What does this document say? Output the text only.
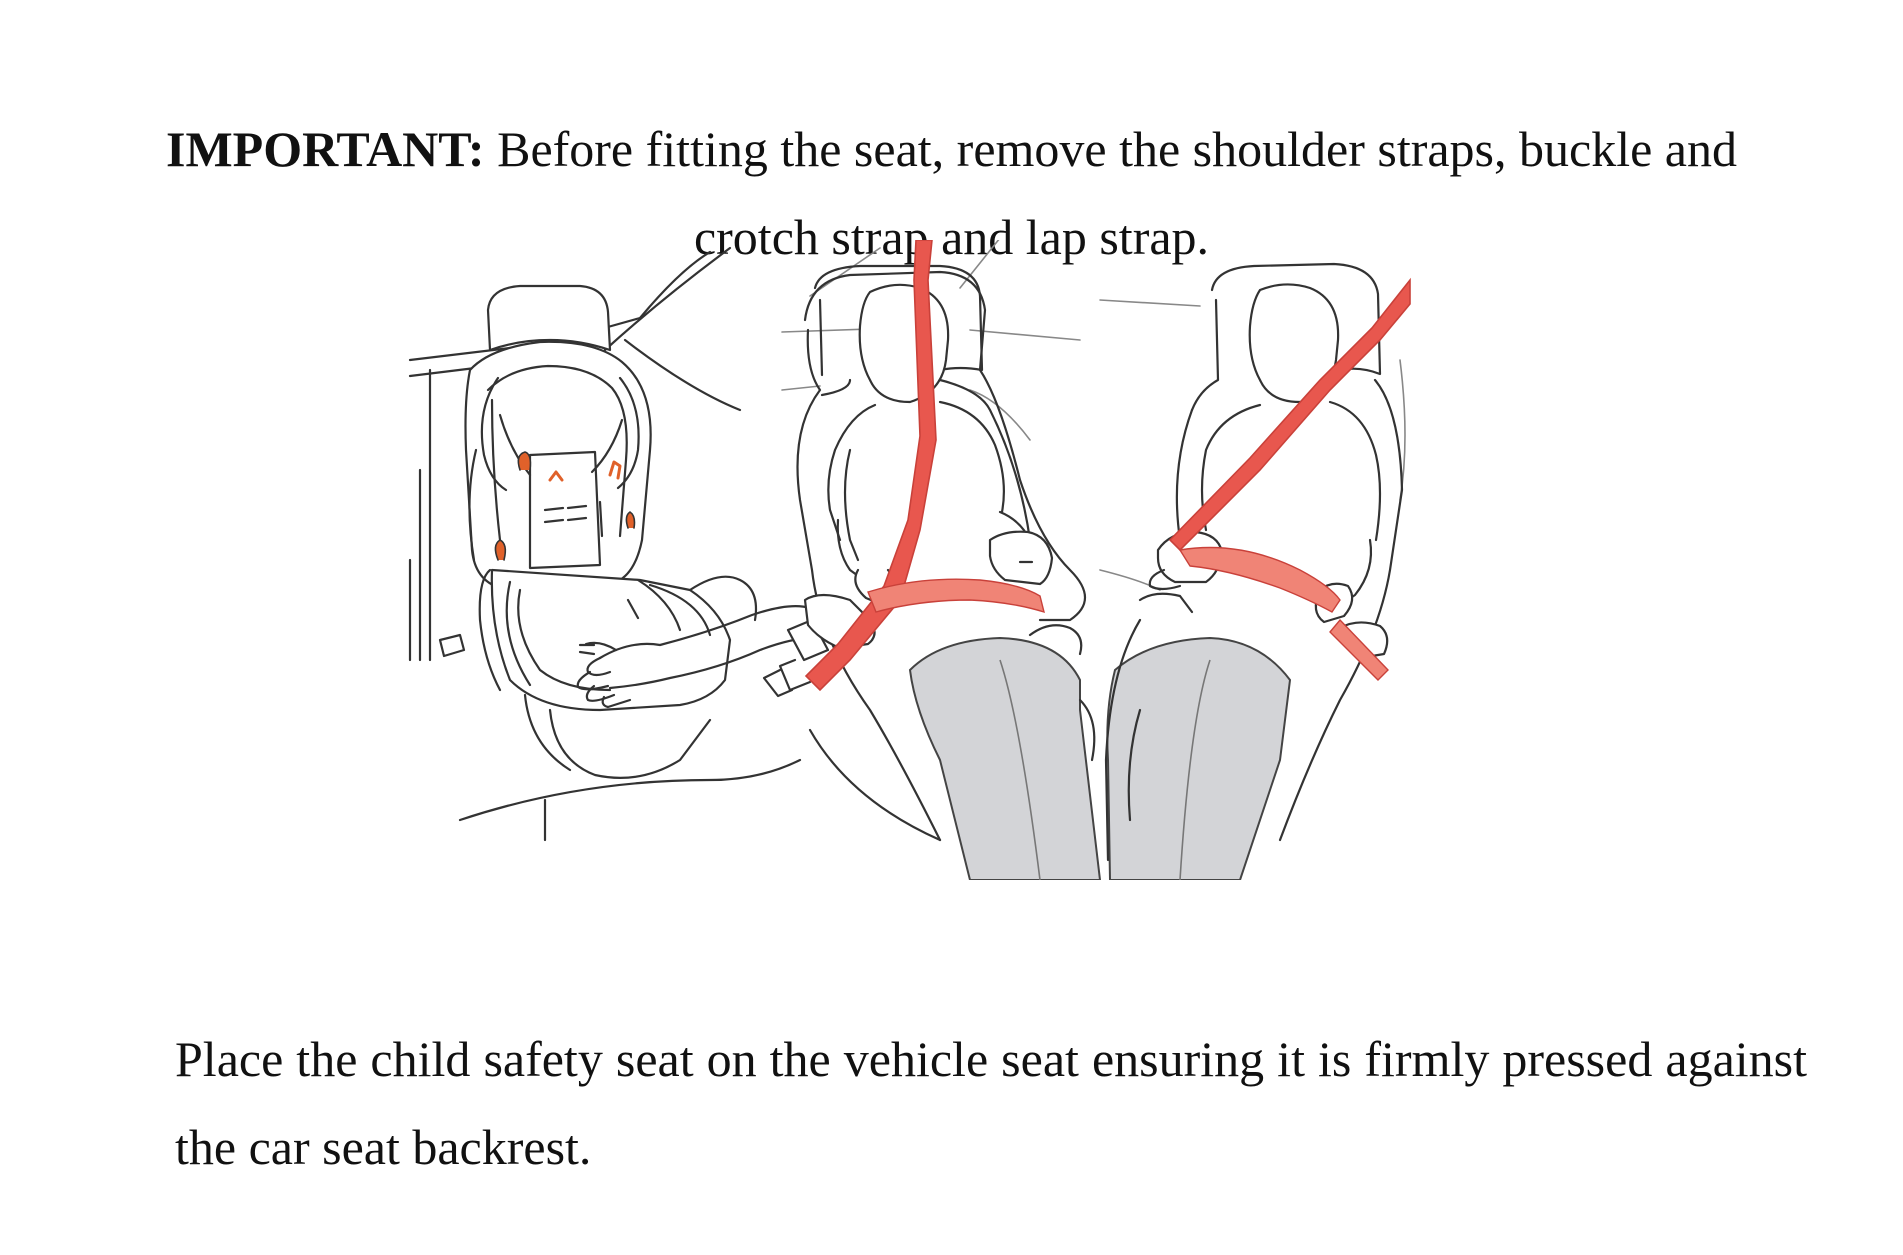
IMPORTANT: Before fitting the seat, remove the shoulder straps, buckle and crotch strap and lap strap.

Place the child safety seat on the vehicle seat ensuring it is firmly pressed against the car seat backrest.
